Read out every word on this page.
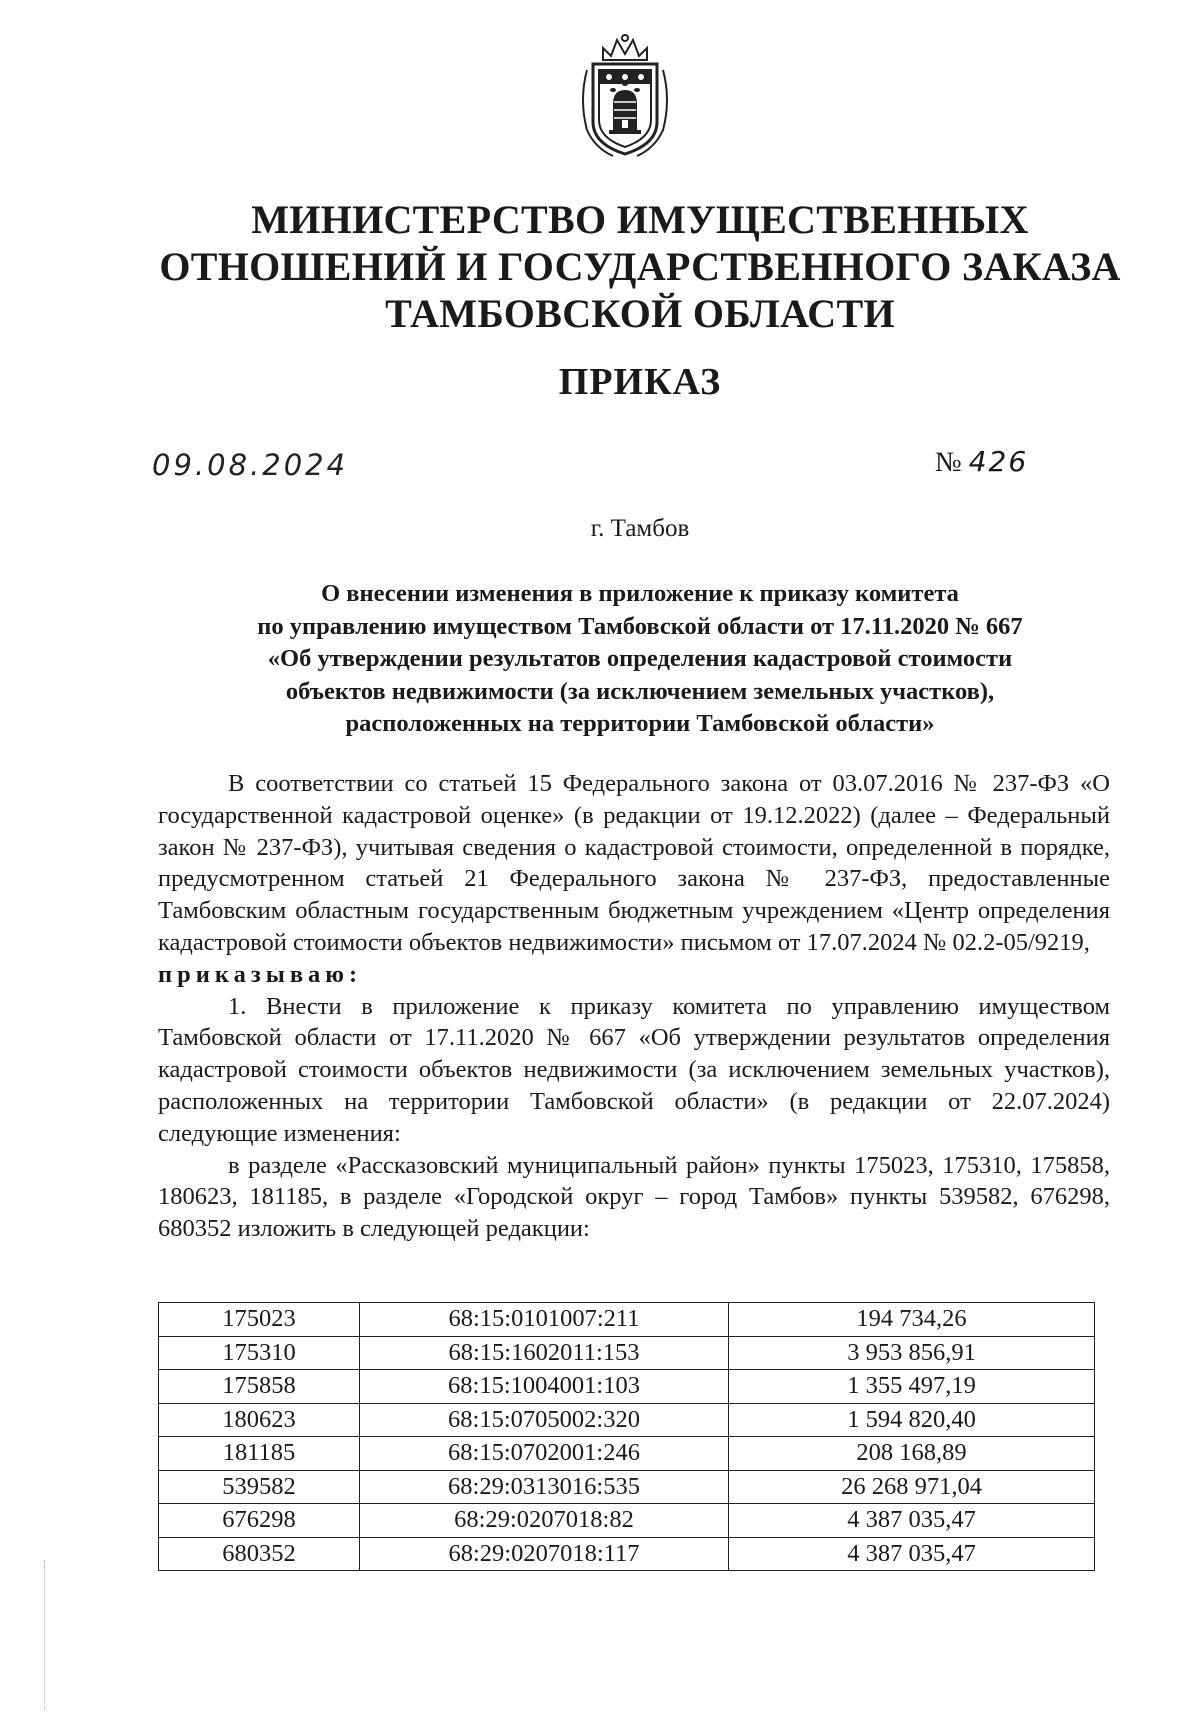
МИНИСТЕРСТВО ИМУЩЕСТВЕННЫХ
ОТНОШЕНИЙ И ГОСУДАРСТВЕННОГО ЗАКАЗА
ТАМБОВСКОЙ ОБЛАСТИ
ПРИКАЗ
09.08.2024	№ 426
г. Тамбов
О внесении изменения в приложение к приказу комитета
по управлению имуществом Тамбовской области от 17.11.2020 № 667
«Об утверждении результатов определения кадастровой стоимости
объектов недвижимости (за исключением земельных участков),
расположенных на территории Тамбовской области»

В соответствии со статьей 15 Федерального закона от 03.07.2016 № 237-ФЗ «О государственной кадастровой оценке» (в редакции от 19.12.2022) (далее – Федеральный закон № 237-ФЗ), учитывая сведения о кадастровой стоимости, определенной в порядке, предусмотренном статьей 21 Федерального закона № 237-ФЗ, предоставленные Тамбовским областным государственным бюджетным учреждением «Центр определения кадастровой стоимости объектов недвижимости» письмом от 17.07.2024 № 02.2-05/9219,

приказываю:

1. Внести в приложение к приказу комитета по управлению имуществом Тамбовской области от 17.11.2020 № 667 «Об утверждении результатов определения кадастровой стоимости объектов недвижимости (за исключением земельных участков), расположенных на территории Тамбовской области» (в редакции от 22.07.2024) следующие изменения:

в разделе «Рассказовский муниципальный район» пункты 175023, 175310, 175858, 180623, 181185, в разделе «Городской округ – город Тамбов» пункты 539582, 676298, 680352 изложить в следующей редакции:

175023	68:15:0101007:211	194 734,26
175310	68:15:1602011:153	3 953 856,91
175858	68:15:1004001:103	1 355 497,19
180623	68:15:0705002:320	1 594 820,40
181185	68:15:0702001:246	208 168,89
539582	68:29:0313016:535	26 268 971,04
676298	68:29:0207018:82	4 387 035,47
680352	68:29:0207018:117	4 387 035,47
